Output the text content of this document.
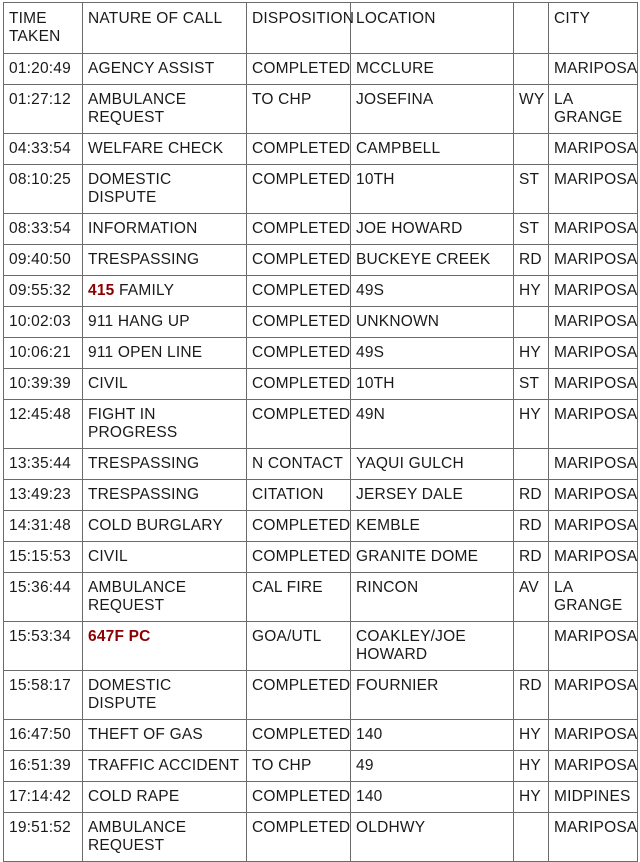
TIME TAKEN	NATURE OF CALL	DISPOSITION	LOCATION		CITY
01:20:49	AGENCY ASSIST	COMPLETED	MCCLURE		MARIPOSA
01:27:12	AMBULANCE REQUEST	TO CHP	JOSEFINA	WY	LA GRANGE
04:33:54	WELFARE CHECK	COMPLETED	CAMPBELL		MARIPOSA
08:10:25	DOMESTIC DISPUTE	COMPLETED	10TH	ST	MARIPOSA
08:33:54	INFORMATION	COMPLETED	JOE HOWARD	ST	MARIPOSA
09:40:50	TRESPASSING	COMPLETED	BUCKEYE CREEK	RD	MARIPOSA
09:55:32	415 FAMILY	COMPLETED	49S	HY	MARIPOSA
10:02:03	911 HANG UP	COMPLETED	UNKNOWN		MARIPOSA
10:06:21	911 OPEN LINE	COMPLETED	49S	HY	MARIPOSA
10:39:39	CIVIL	COMPLETED	10TH	ST	MARIPOSA
12:45:48	FIGHT IN PROGRESS	COMPLETED	49N	HY	MARIPOSA
13:35:44	TRESPASSING	N CONTACT	YAQUI GULCH		MARIPOSA
13:49:23	TRESPASSING	CITATION	JERSEY DALE	RD	MARIPOSA
14:31:48	COLD BURGLARY	COMPLETED	KEMBLE	RD	MARIPOSA
15:15:53	CIVIL	COMPLETED	GRANITE DOME	RD	MARIPOSA
15:36:44	AMBULANCE REQUEST	CAL FIRE	RINCON	AV	LA GRANGE
15:53:34	647F PC	GOA/UTL	COAKLEY/JOE HOWARD		MARIPOSA
15:58:17	DOMESTIC DISPUTE	COMPLETED	FOURNIER	RD	MARIPOSA
16:47:50	THEFT OF GAS	COMPLETED	140	HY	MARIPOSA
16:51:39	TRAFFIC ACCIDENT	TO CHP	49	HY	MARIPOSA
17:14:42	COLD RAPE	COMPLETED	140	HY	MIDPINES
19:51:52	AMBULANCE REQUEST	COMPLETED	OLDHWY		MARIPOSA
